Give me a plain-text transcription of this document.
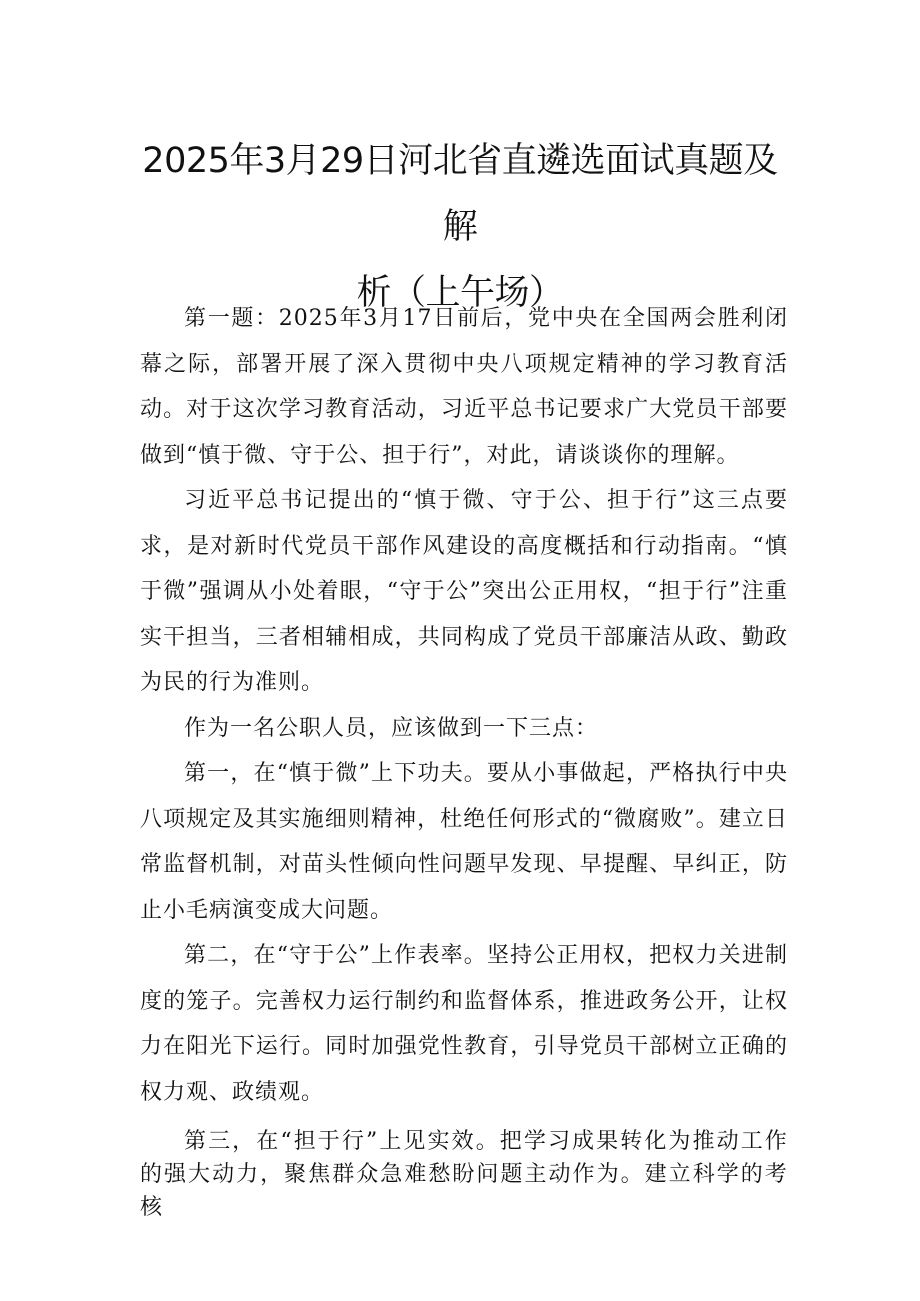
2025年3月29日河北省直遴选面试真题及解
析（上午场）

第一题：2025年3月17日前后，党中央在全国两会胜利闭幕之际，部署开展了深入贯彻中央八项规定精神的学习教育活动。对于这次学习教育活动，习近平总书记要求广大党员干部要做到“慎于微、守于公、担于行”，对此，请谈谈你的理解。

习近平总书记提出的“慎于微、守于公、担于行”这三点要求，是对新时代党员干部作风建设的高度概括和行动指南。“慎于微”强调从小处着眼，“守于公”突出公正用权，“担于行”注重实干担当，三者相辅相成，共同构成了党员干部廉洁从政、勤政为民的行为准则。

作为一名公职人员，应该做到一下三点：

第一，在“慎于微”上下功夫。要从小事做起，严格执行中央八项规定及其实施细则精神，杜绝任何形式的“微腐败”。建立日常监督机制，对苗头性倾向性问题早发现、早提醒、早纠正，防止小毛病演变成大问题。

第二，在“守于公”上作表率。坚持公正用权，把权力关进制度的笼子。完善权力运行制约和监督体系，推进政务公开，让权力在阳光下运行。同时加强党性教育，引导党员干部树立正确的权力观、政绩观。

第三，在“担于行”上见实效。把学习成果转化为推动工作的强大动力，聚焦群众急难愁盼问题主动作为。建立科学的考核
